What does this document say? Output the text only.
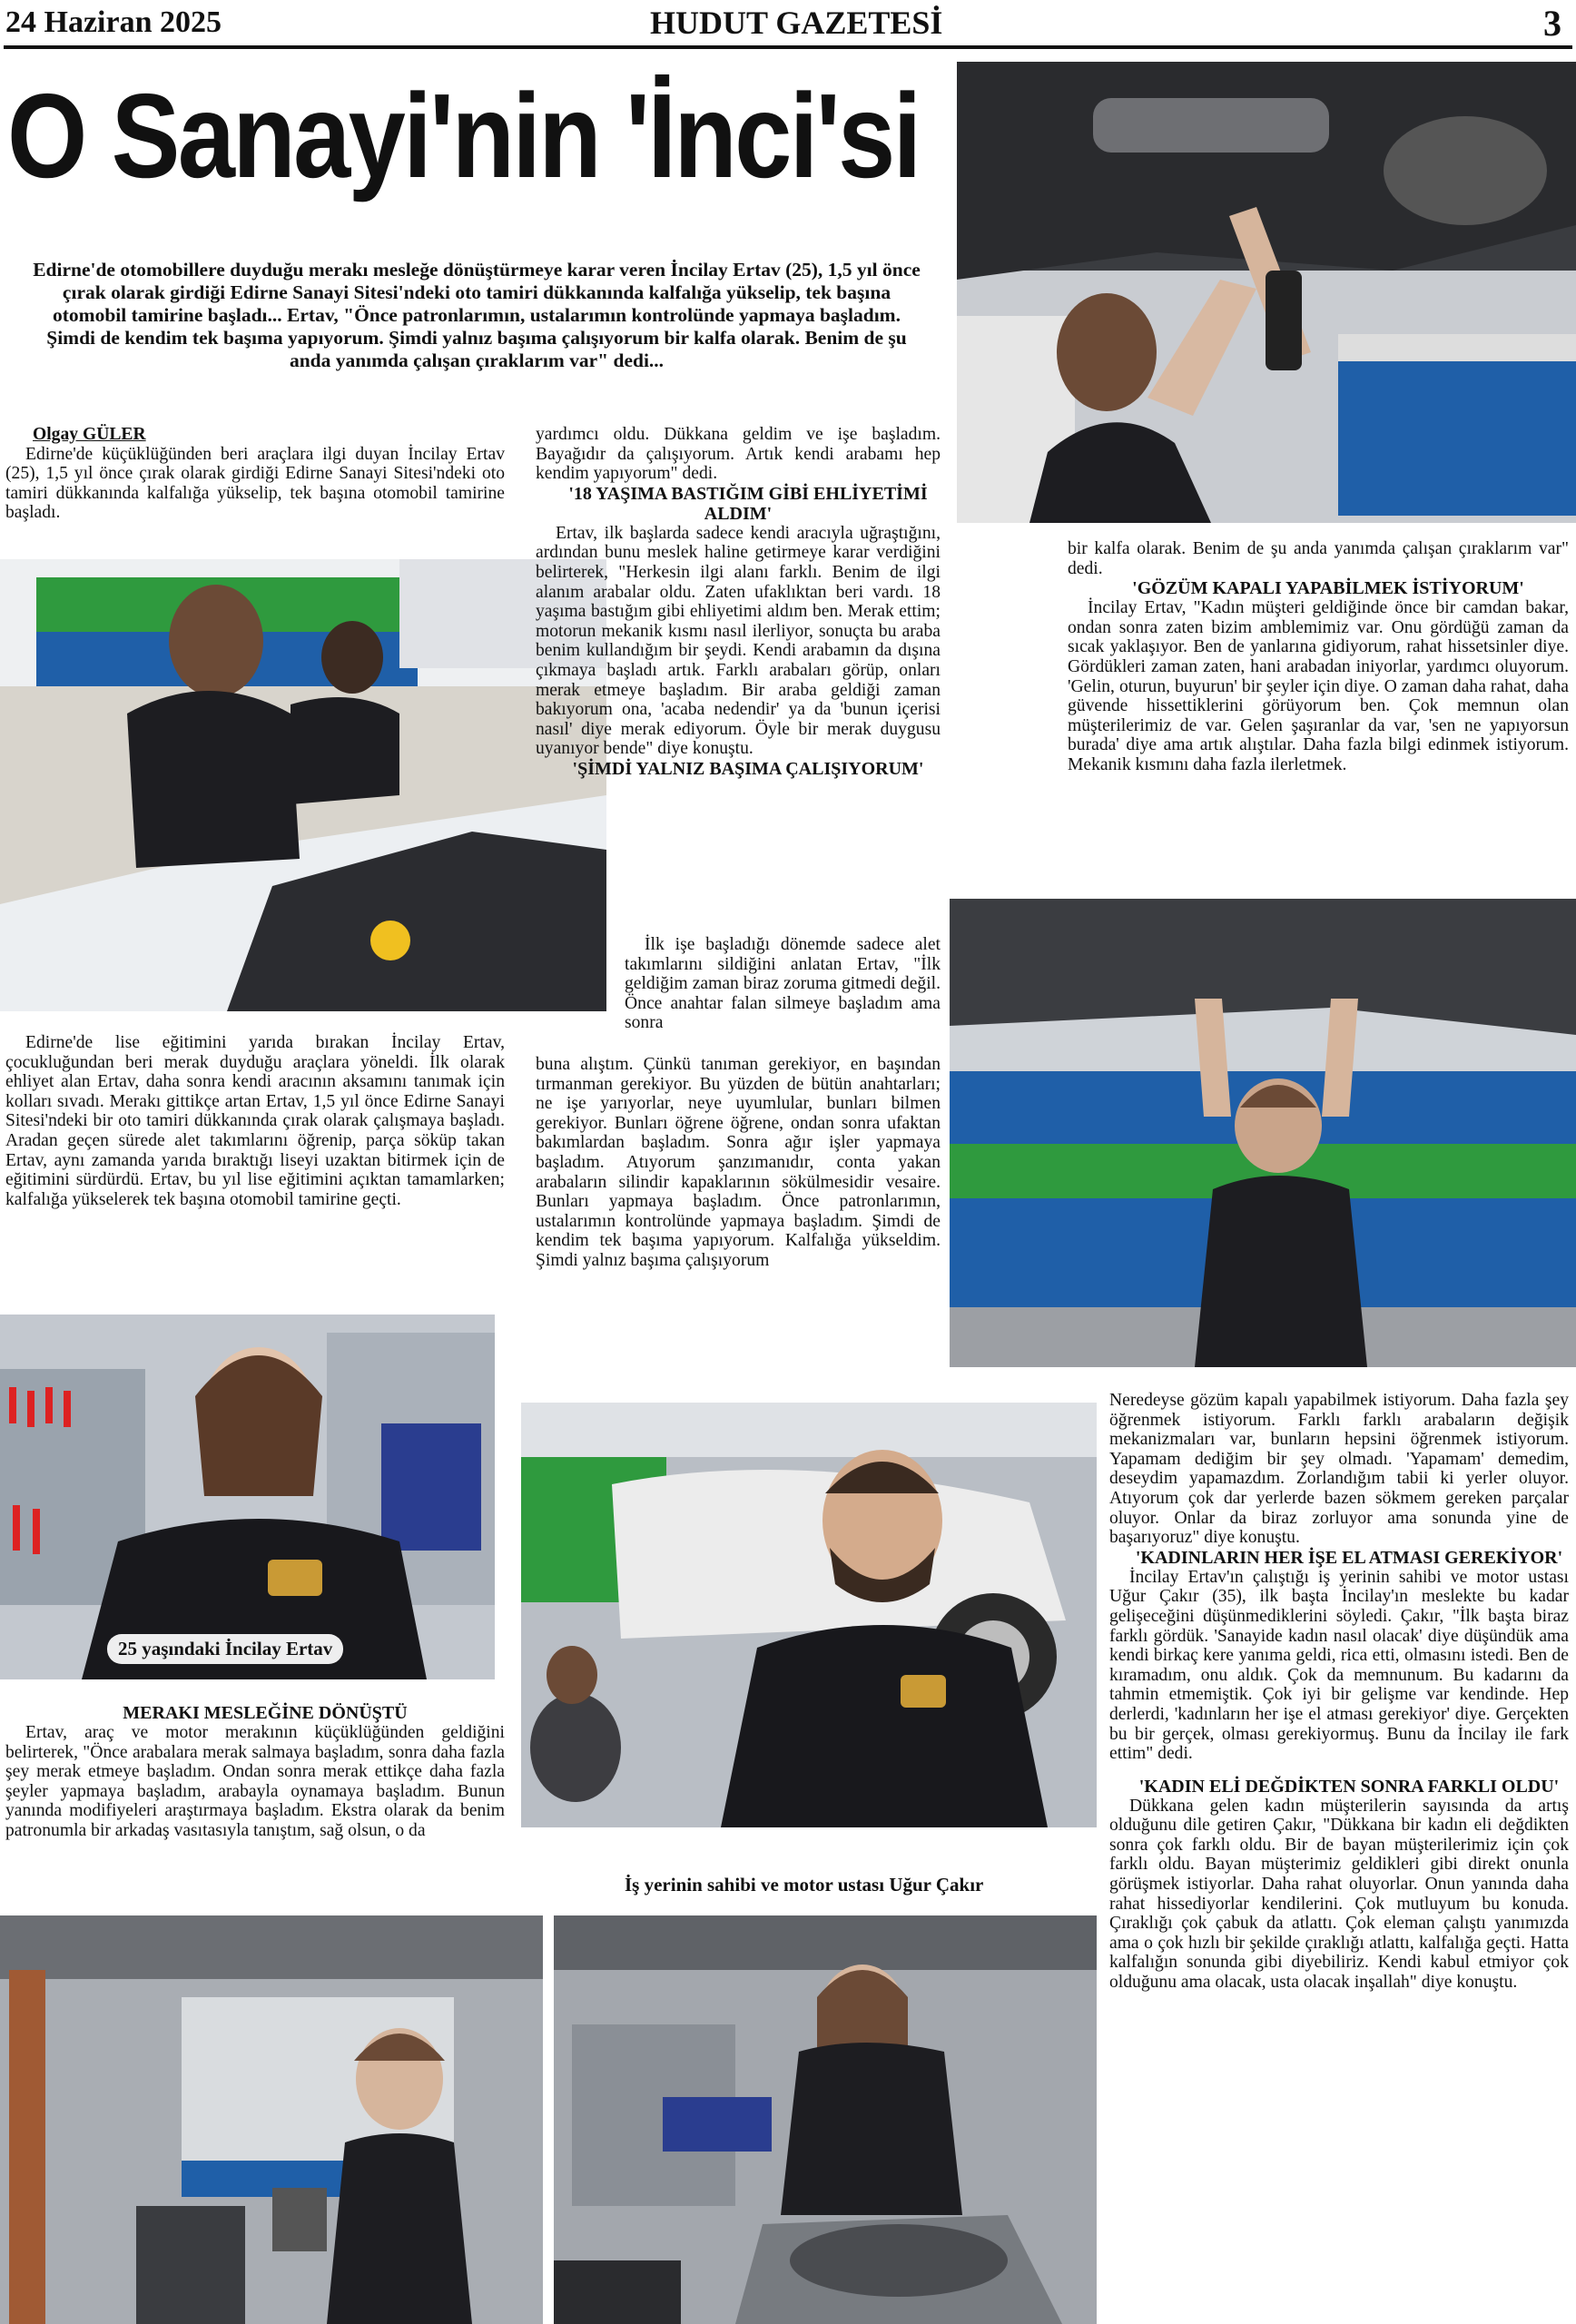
24 Haziran 2025	HUDUT GAZETESİ	3
O Sanayi'nin 'İnci'si
Edirne'de otomobillere duyduğu merakı mesleğe dönüştürmeye karar veren İncilay Ertav (25), 1,5 yıl önce çırak olarak girdiği Edirne Sanayi Sitesi'ndeki oto tamiri dükkanında kalfalığa yükselip, tek başına otomobil tamirine başladı... Ertav, "Önce patronlarımın, ustalarımın kontrolünde yapmaya başladım. Şimdi de kendim tek başıma yapıyorum. Şimdi yalnız başıma çalışıyorum bir kalfa olarak. Benim de şu anda yanımda çalışan çıraklarım var" dedi...

Olgay GÜLER

Edirne'de küçüklüğünden beri araçlara ilgi duyan İncilay Ertav (25), 1,5 yıl önce çırak olarak girdiği Edirne Sanayi Sitesi'ndeki oto tamiri dükkanında kalfalığa yükselip, tek başına otomobil tamirine başladı.

Edirne'de lise eğitimini yarıda bırakan İncilay Ertav, çocukluğundan beri merak duyduğu araçlara yöneldi. İlk olarak ehliyet alan Ertav, daha sonra kendi aracının aksamını tanımak için kolları sıvadı. Merakı gittikçe artan Ertav, 1,5 yıl önce Edirne Sanayi Sitesi'ndeki bir oto tamiri dükkanında çırak olarak çalışmaya başladı. Aradan geçen sürede alet takımlarını öğrenip, parça söküp takan Ertav, aynı zamanda yarıda bıraktığı liseyi uzaktan bitirmek için de eğitimini sürdürdü. Ertav, bu yıl lise eğitimini açıktan tamamlarken; kalfalığa yükselerek tek başına otomobil tamirine geçti.

25 yaşındaki İncilay Ertav

MERAKI MESLEĞİNE DÖNÜŞTÜ

Ertav, araç ve motor merakının küçüklüğünden geldiğini belirterek, "Önce arabalara merak salmaya başladım, sonra daha fazla şey merak etmeye başladım. Ondan sonra merak ettikçe daha fazla şeyler yapmaya başladım, arabayla oynamaya başladım. Bunun yanında modifiyeleri araştırmaya başladım. Ekstra olarak da benim patronumla bir arkadaş vasıtasıyla tanıştım, sağ olsun, o da

yardımcı oldu. Dükkana geldim ve işe başladım. Bayağıdır da çalışıyorum. Artık kendi arabamı hep kendim yapıyorum" dedi.

'18 YAŞIMA BASTIĞIM GİBİ EHLİYETİMİ ALDIM'

Ertav, ilk başlarda sadece kendi aracıyla uğraştığını, ardından bunu meslek haline getirmeye karar verdiğini belirterek, "Herkesin ilgi alanı farklı. Benim de ilgi alanım arabalar oldu. Zaten ufaklıktan beri vardı. 18 yaşıma bastığım gibi ehliyetimi aldım ben. Merak ettim; motorun mekanik kısmı nasıl ilerliyor, sonuçta bu araba benim kullandığım bir şeydi. Kendi arabamın da dışına çıkmaya başladı artık. Farklı arabaları görüp, onları merak etmeye başladım. Bir araba geldiği zaman bakıyorum ona, 'acaba nedendir' ya da 'bunun içerisi nasıl' diye merak ediyorum. Öyle bir merak duygusu uyanıyor bende" diye konuştu.

'ŞİMDİ YALNIZ BAŞIMA ÇALIŞIYORUM'

İlk işe başladığı dönemde sadece alet takımlarını sildiğini anlatan Ertav, "İlk geldiğim zaman biraz zoruma gitmedi değil. Önce anahtar falan silmeye başladım ama sonra

buna alıştım. Çünkü tanıman gerekiyor, en başından tırmanman gerekiyor. Bu yüzden de bütün anahtarları; ne işe yarıyorlar, neye uyumlular, bunları bilmen gerekiyor. Bunları öğrene öğrene, ondan sonra ufaktan bakımlardan başladım. Sonra ağır işler yapmaya başladım. Atıyorum şanzımanıdır, conta yakan arabaların silindir kapaklarının sökülmesidir vesaire. Bunları yapmaya başladım. Önce patronlarımın, ustalarımın kontrolünde yapmaya başladım. Şimdi de kendim tek başıma yapıyorum. Kalfalığa yükseldim. Şimdi yalnız başıma çalışıyorum

bir kalfa olarak. Benim de şu anda yanımda çalışan çıraklarım var" dedi.

'GÖZÜM KAPALI YAPABİLMEK İSTİYORUM'

İncilay Ertav, "Kadın müşteri geldiğinde önce bir camdan bakar, ondan sonra zaten bizim amblemimiz var. Onu gördüğü zaman da sıcak yaklaşıyor. Ben de yanlarına gidiyorum, rahat hissetsinler diye. Gördükleri zaman zaten, hani arabadan iniyorlar, yardımcı oluyorum. 'Gelin, oturun, buyurun' bir şeyler için diye. O zaman daha rahat, daha güvende hissettiklerini görüyorum ben. Çok memnun olan müşterilerimiz de var. Gelen şaşıranlar da var, 'sen ne yapıyorsun burada' diye ama artık alıştılar. Daha fazla bilgi edinmek istiyorum. Mekanik kısmını daha fazla ilerletmek.

İş yerinin sahibi ve motor ustası Uğur Çakır

Neredeyse gözüm kapalı yapabilmek istiyorum. Daha fazla şey öğrenmek istiyorum. Farklı farklı arabaların değişik mekanizmaları var, bunların hepsini öğrenmek istiyorum. Yapamam dediğim bir şey olmadı. 'Yapamam' demedim, deseydim yapamazdım. Zorlandığım tabii ki yerler oluyor. Atıyorum çok dar yerlerde bazen sökmem gereken parçalar oluyor. Onlar da biraz zorluyor ama sonunda yine de başarıyoruz" diye konuştu.

'KADINLARIN HER İŞE EL ATMASI GEREKİYOR'

İncilay Ertav'ın çalıştığı iş yerinin sahibi ve motor ustası Uğur Çakır (35), ilk başta İncilay'ın meslekte bu kadar gelişeceğini düşünmediklerini söyledi. Çakır, "İlk başta biraz farklı gördük. 'Sanayide kadın nasıl olacak' diye düşündük ama kendi birkaç kere yanıma geldi, rica etti, olmasını istedi. Ben de kıramadım, onu aldık. Çok da memnunum. Bu kadarını da tahmin etmemiştik. Çok iyi bir gelişme var kendinde. Hep derlerdi, 'kadınların her işe el atması gerekiyor' diye. Gerçekten bu bir gerçek, olması gerekiyormuş. Bunu da İncilay ile fark ettim" dedi.

'KADIN ELİ DEĞDİKTEN SONRA FARKLI OLDU'

Dükkana gelen kadın müşterilerin sayısında da artış olduğunu dile getiren Çakır, "Dükkana bir kadın eli değdikten sonra çok farklı oldu. Bir de bayan müşterilerimiz için çok farklı oldu. Bayan müşterimiz geldikleri gibi direkt onunla görüşmek istiyorlar. Daha rahat oluyorlar. Onun yanında daha rahat hissediyorlar kendilerini. Çok mutluyum bu konuda. Çıraklığı çok çabuk da atlattı. Çok eleman çalıştı yanımızda ama o çok hızlı bir şekilde çıraklığı atlattı, kalfalığa geçti. Hatta kalfalığın sonunda gibi diyebiliriz. Kendi kabul etmiyor çok olduğunu ama olacak, usta olacak inşallah" diye konuştu.
